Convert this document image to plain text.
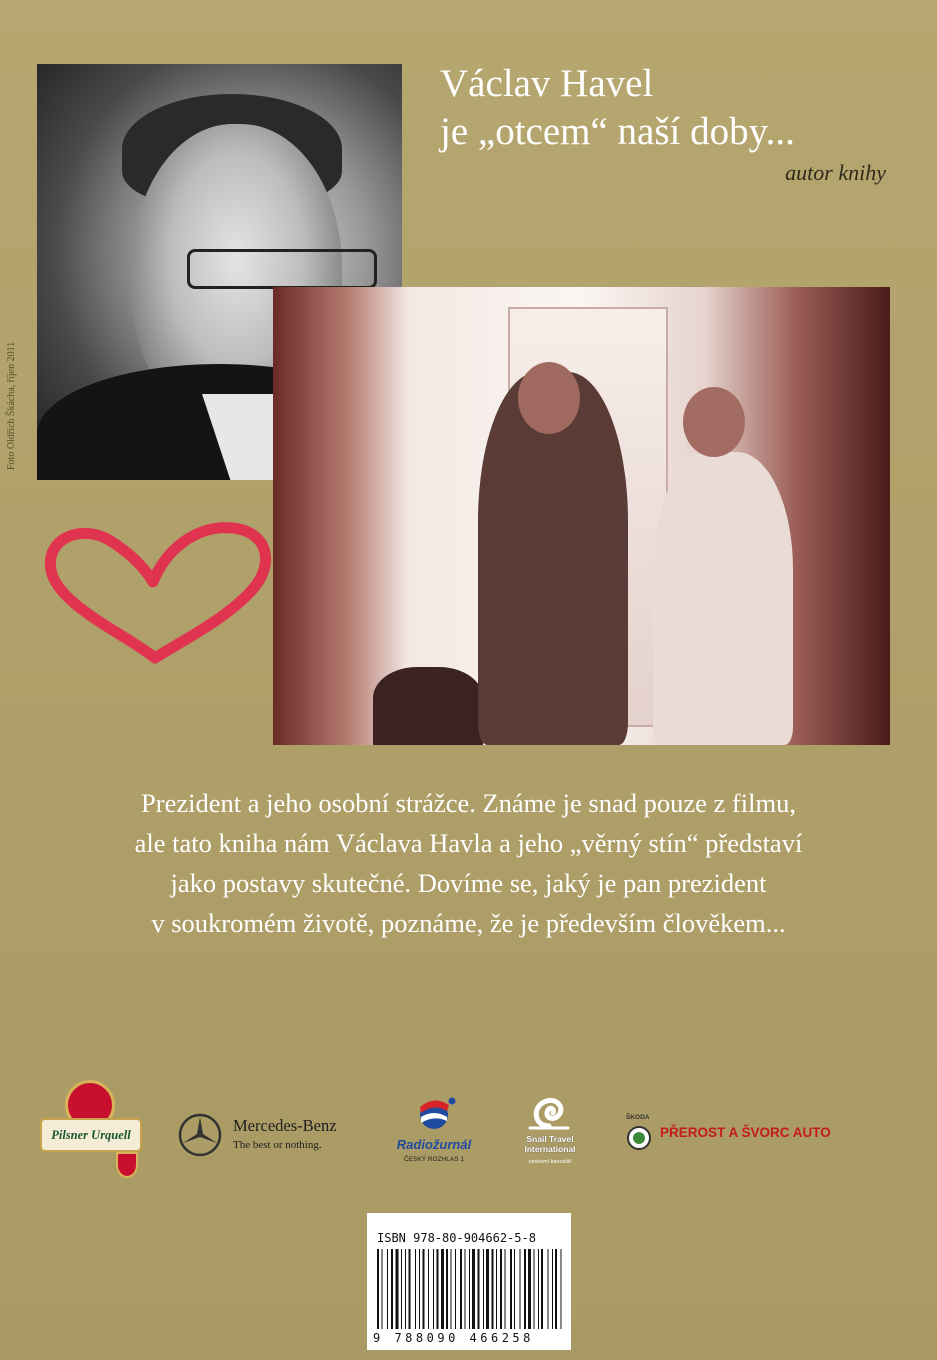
Foto Oldřich Škácha, říjen 2011
Václav Havel
je „otcem“ naší doby...
autor knihy
Prezident a jeho osobní strážce. Známe je snad pouze z filmu,
ale tato kniha nám Václava Havla a jeho „věrný stín“ představí
jako postavy skutečné. Dovíme se, jaký je pan prezident
v soukromém životě, poznáme, že je především člověkem...
Pilsner Urquell	Mercedes-Benz
The best or nothing.	Radiožurnál
ČESKÝ ROZHLAS 1
Snail Travel International
cestovní kancelář
ŠKODA
PŘEROST A ŠVORC AUTO
ISBN 978-80-904662-5-8
9 788090 466258
